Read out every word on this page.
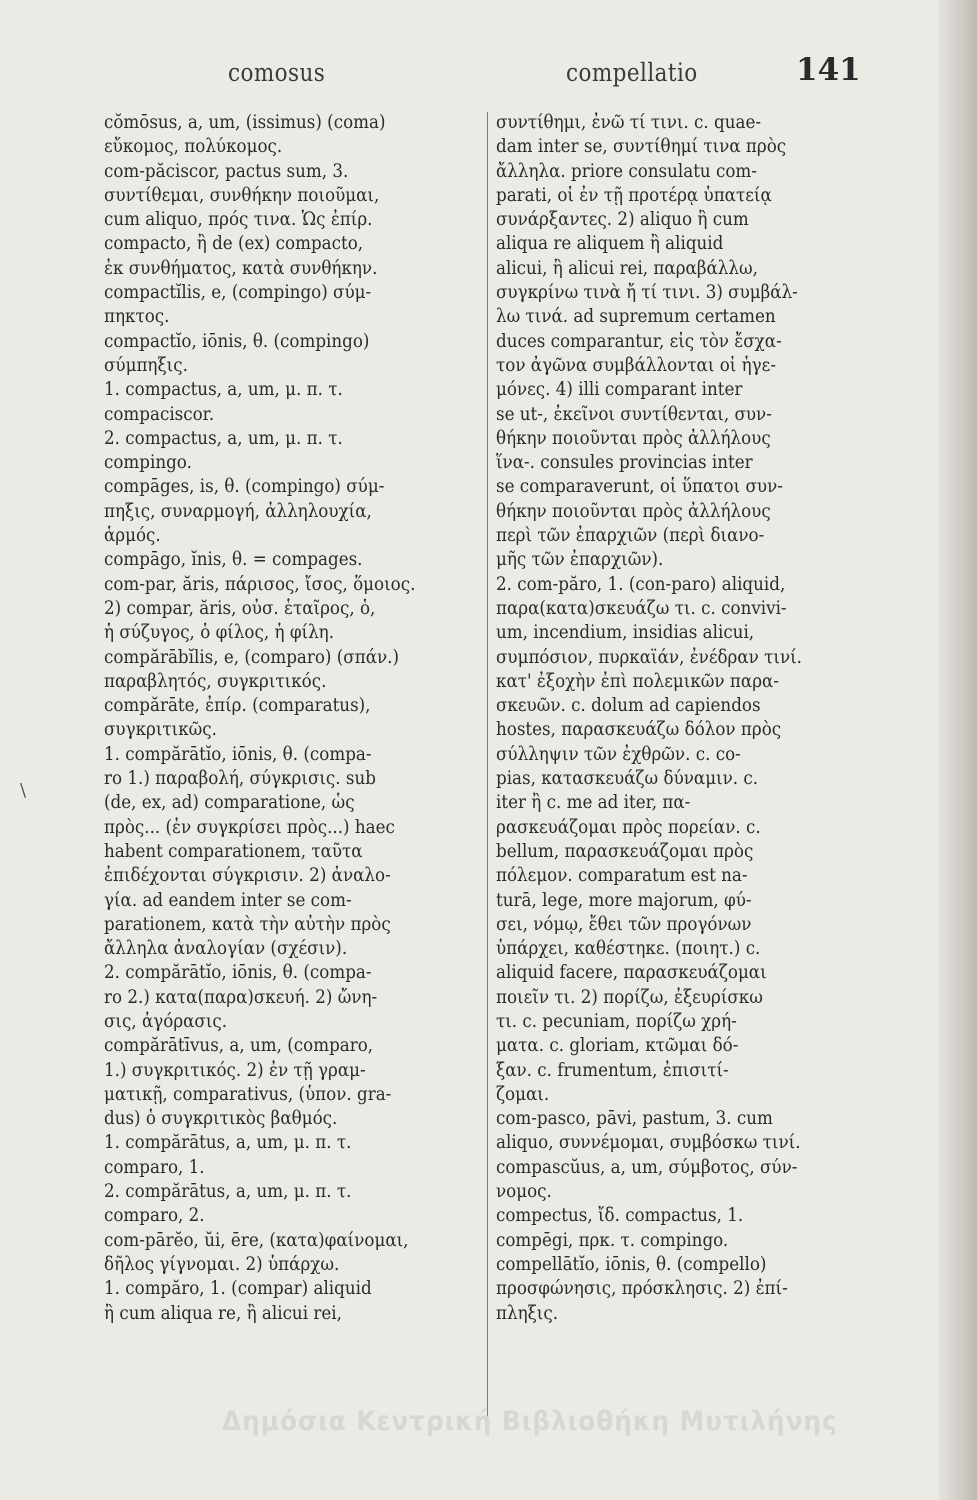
comosus	compellatio	141
cŏmōsus, a, um, (issimus) (coma)
εὔκομος, πολύκομος.
com-păciscor, pactus sum, 3.
συντίθεμαι, συνθήκην ποιοῦμαι,
cum aliquo, πρός τινα. Ὡς ἐπίρ.
compacto, ἢ de (ex) compacto,
ἐκ συνθήματος, κατὰ συνθήκην.
compactĭlis, e, (compingo) σύμ-
πηκτος.
compactĭo, iōnis, θ. (compingo)
σύμπηξις.
1. compactus, a, um, μ. π. τ.
compaciscor.
2. compactus, a, um, μ. π. τ.
compingo.
compāges, is, θ. (compingo) σύμ-
πηξις, συναρμογή, ἀλληλουχία,
ἁρμός.
compāgo, ĭnis, θ. = compages.
com-par, ăris, πάρισος, ἴσος, ὅμοιος.
2) compar, ăris, οὐσ. ἑταῖρος, ὁ,
ἡ σύζυγος, ὁ φίλος, ἡ φίλη.
compărābĭlis, e, (comparo) (σπάν.)
παραβλητός, συγκριτικός.
compărāte, ἐπίρ. (comparatus),
συγκριτικῶς.
1. compărātĭo, iōnis, θ. (compa-
ro 1.) παραβολή, σύγκρισις. sub
(de, ex, ad) comparatione, ὡς
πρὸς... (ἐν συγκρίσει πρὸς...) haec
habent comparationem, ταῦτα
ἐπιδέχονται σύγκρισιν. 2) ἀναλο-
γία. ad eandem inter se com-
parationem, κατὰ τὴν αὐτὴν πρὸς
ἄλληλα ἀναλογίαν (σχέσιν).
2. compărātĭo, iōnis, θ. (compa-
ro 2.) κατα(παρα)σκευή. 2) ὤνη-
σις, ἀγόρασις.
compărātīvus, a, um, (comparo,
1.) συγκριτικός. 2) ἐν τῇ γραμ-
ματικῇ, comparativus, (ὑπον. gra-
dus) ὁ συγκριτικὸς βαθμός.
1. compărātus, a, um, μ. π. τ.
comparo, 1.
2. compărātus, a, um, μ. π. τ.
comparo, 2.
com-pārĕo, ŭi, ēre, (κατα)φαίνομαι,
δῆλος γίγνομαι. 2) ὑπάρχω.
1. compăro, 1. (compar) aliquid
ἢ cum aliqua re, ἢ alicui rei,
συντίθημι, ἐνῶ τί τινι. c. quae-
dam inter se, συντίθημί τινα πρὸς
ἄλληλα. priore consulatu com-
parati, οἱ ἐν τῇ προτέρᾳ ὑπατείᾳ
συνάρξαντες. 2) aliquo ἢ cum
aliqua re aliquem ἢ aliquid
alicui, ἢ alicui rei, παραβάλλω,
συγκρίνω τινὰ ἤ τί τινι. 3) συμβάλ-
λω τινά. ad supremum certamen
duces comparantur, εἰς τὸν ἔσχα-
τον ἀγῶνα συμβάλλονται οἱ ἡγε-
μόνες. 4) illi comparant inter
se ut-, ἐκεῖνοι συντίθενται, συν-
θήκην ποιοῦνται πρὸς ἀλλήλους
ἵνα-. consules provincias inter
se comparaverunt, οἱ ὕπατοι συν-
θήκην ποιοῦνται πρὸς ἀλλήλους
περὶ τῶν ἐπαρχιῶν (περὶ διανο-
μῆς τῶν ἐπαρχιῶν).
2. com-păro, 1. (con-paro) aliquid,
παρα(κατα)σκευάζω τι. c. convivi-
um, incendium, insidias alicui,
συμπόσιον, πυρκαϊάν, ἐνέδραν τινί.
κατ' ἐξοχὴν ἐπὶ πολεμικῶν παρα-
σκευῶν. c. dolum ad capiendos
hostes, παρασκευάζω δόλον πρὸς
σύλληψιν τῶν ἐχθρῶν. c. co-
pias, κατασκευάζω δύναμιν. c.
iter ἢ c. me ad iter, πα-
ρασκευάζομαι πρὸς πορείαν. c.
bellum, παρασκευάζομαι πρὸς
πόλεμον. comparatum est na-
turā, lege, more majorum, φύ-
σει, νόμῳ, ἔθει τῶν προγόνων
ὑπάρχει, καθέστηκε. (ποιητ.) c.
aliquid facere, παρασκευάζομαι
ποιεῖν τι. 2) πορίζω, ἐξευρίσκω
τι. c. pecuniam, πορίζω χρή-
ματα. c. gloriam, κτῶμαι δό-
ξαν. c. frumentum, ἐπισιτί-
ζομαι.
com-pasco, pāvi, pastum, 3. cum
aliquo, συννέμομαι, συμβόσκω τινί.
compascŭus, a, um, σύμβοτος, σύν-
νομος.
compectus, ἴδ. compactus, 1.
compēgi, πρκ. τ. compingo.
compellātĭo, iōnis, θ. (compello)
προσφώνησις, πρόσκλησις. 2) ἐπί-
πληξις.
\
Δημόσια Κεντρική Βιβλιοθήκη Μυτιλήνης
